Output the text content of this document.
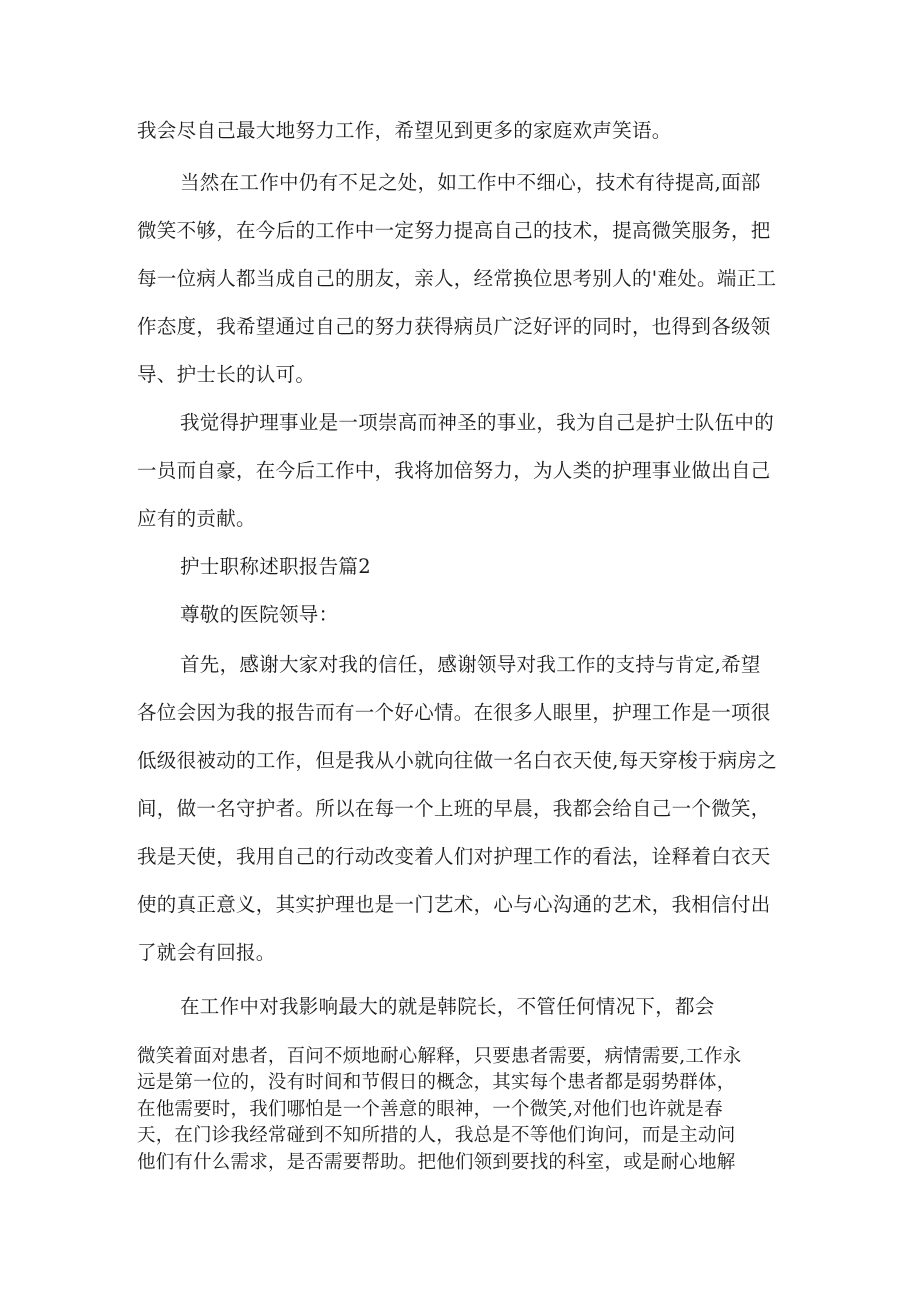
我会尽自己最大地努力工作，希望见到更多的家庭欢声笑语。
当然在工作中仍有不足之处，如工作中不细心，技术有待提高,面部
微笑不够，在今后的工作中一定努力提高自己的技术，提高微笑服务，把
每一位病人都当成自己的朋友，亲人，经常换位思考别人的'难处。端正工
作态度，我希望通过自己的努力获得病员广泛好评的同时，也得到各级领
导、护士长的认可。
我觉得护理事业是一项崇高而神圣的事业，我为自己是护士队伍中的
一员而自豪，在今后工作中，我将加倍努力，为人类的护理事业做出自己
应有的贡献。
护士职称述职报告篇2
尊敬的医院领导：
首先，感谢大家对我的信任，感谢领导对我工作的支持与肯定,希望
各位会因为我的报告而有一个好心情。在很多人眼里，护理工作是一项很
低级很被动的工作，但是我从小就向往做一名白衣天使,每天穿梭于病房之
间，做一名守护者。所以在每一个上班的早晨，我都会给自己一个微笑，
我是天使，我用自己的行动改变着人们对护理工作的看法，诠释着白衣天
使的真正意义，其实护理也是一门艺术，心与心沟通的艺术，我相信付出
了就会有回报。
在工作中对我影响最大的就是韩院长，不管任何情况下，都会
微笑着面对患者，百问不烦地耐心解释，只要患者需要，病情需要,工作永
远是第一位的，没有时间和节假日的概念，其实每个患者都是弱势群体，
在他需要时，我们哪怕是一个善意的眼神，一个微笑,对他们也许就是春
天，在门诊我经常碰到不知所措的人，我总是不等他们询问，而是主动问
他们有什么需求，是否需要帮助。把他们领到要找的科室，或是耐心地解
